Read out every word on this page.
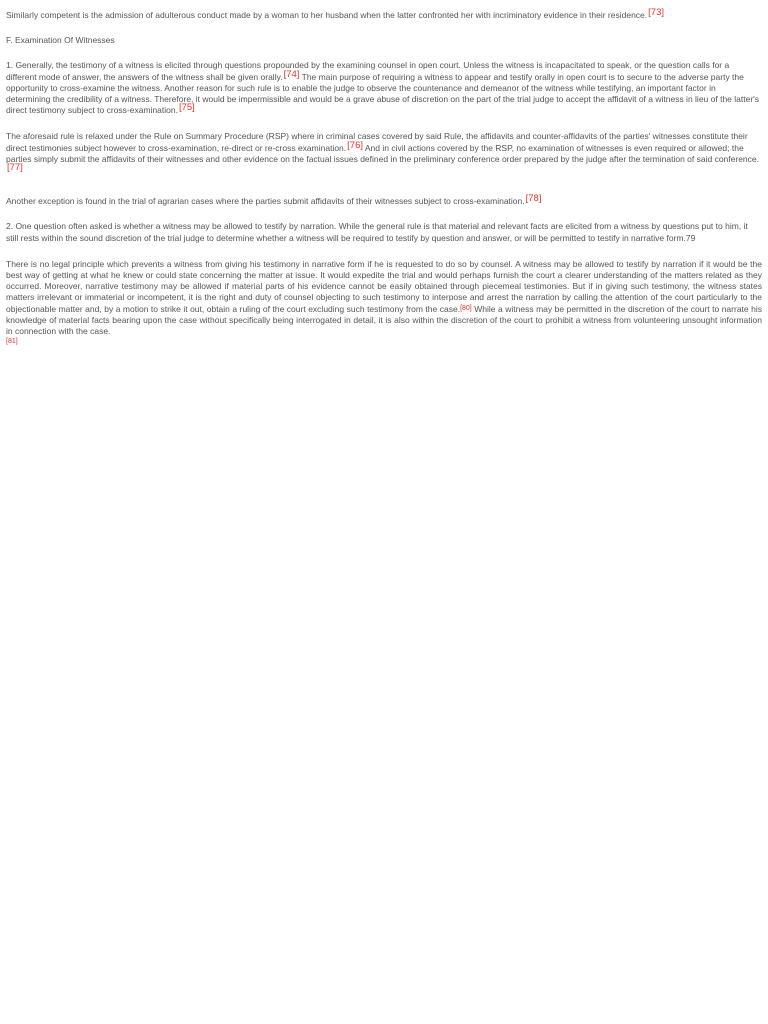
Similarly competent is the admission of adulterous conduct made by a woman to her husband when the latter confronted her with incriminatory evidence in their residence.[73]

F. Examination Of Witnesses

1. Generally, the testimony of a witness is elicited through questions propounded by the examining counsel in open court. Unless the witness is incapacitated to speak, or the question calls for a different mode of answer, the answers of the witness shall be given orally.[74] The main purpose of requiring a witness to appear and testify orally in open court is to secure to the adverse party the opportunity to cross-examine the witness. Another reason for such rule is to enable the judge to observe the countenance and demeanor of the witness while testifying, an important factor in determining the credibility of a witness. Therefore, it would be impermissible and would be a grave abuse of discretion on the part of the trial judge to accept the affidavit of a witness in lieu of the latter's direct testimony subject to cross-examination.[75]

The aforesaid rule is relaxed under the Rule on Summary Procedure (RSP) where in criminal cases covered by said Rule, the affidavits and counter-affidavits of the parties' witnesses constitute their direct testimonies subject however to cross-examination, re-direct or re-cross examination.[76] And in civil actions covered by the RSP, no examination of witnesses is even required or allowed; the parties simply submit the affidavits of their witnesses and other evidence on the factual issues defined in the preliminary conference order prepared by the judge after the termination of said conference.[77]

Another exception is found in the trial of agrarian cases where the parties submit affidavits of their witnesses subject to cross-examination.[78]

2. One question often asked is whether a witness may be allowed to testify by narration. While the general rule is that material and relevant facts are elicited from a witness by questions put to him, it still rests within the sound discretion of the trial judge to determine whether a witness will be required to testify by question and answer, or will be permitted to testify in narrative form.79

There is no legal principle which prevents a witness from giving his testimony in narrative form if he is requested to do so by counsel. A witness may be allowed to testify by narration if it would be the best way of getting at what he knew or could state concerning the matter at issue. It would expedite the trial and would perhaps furnish the court a clearer understanding of the matters related as they occurred. Moreover, narrative testimony may be allowed if material parts of his evidence cannot be easily obtained through piecemeal testimonies. But if in giving such testimony, the witness states matters irrelevant or immaterial or incompetent, it is the right and duty of counsel objecting to such testimony to interpose and arrest the narration by calling the attention of the court particularly to the objectionable matter and, by a motion to strike it out, obtain a ruling of the court excluding such testimony from the case.[80] While a witness may be permitted in the discretion of the court to narrate his knowledge of material facts bearing upon the case without specifically being interrogated in detail, it is also within the discretion of the court to prohibit a witness from volunteering unsought information in connection with the case.
[81]
